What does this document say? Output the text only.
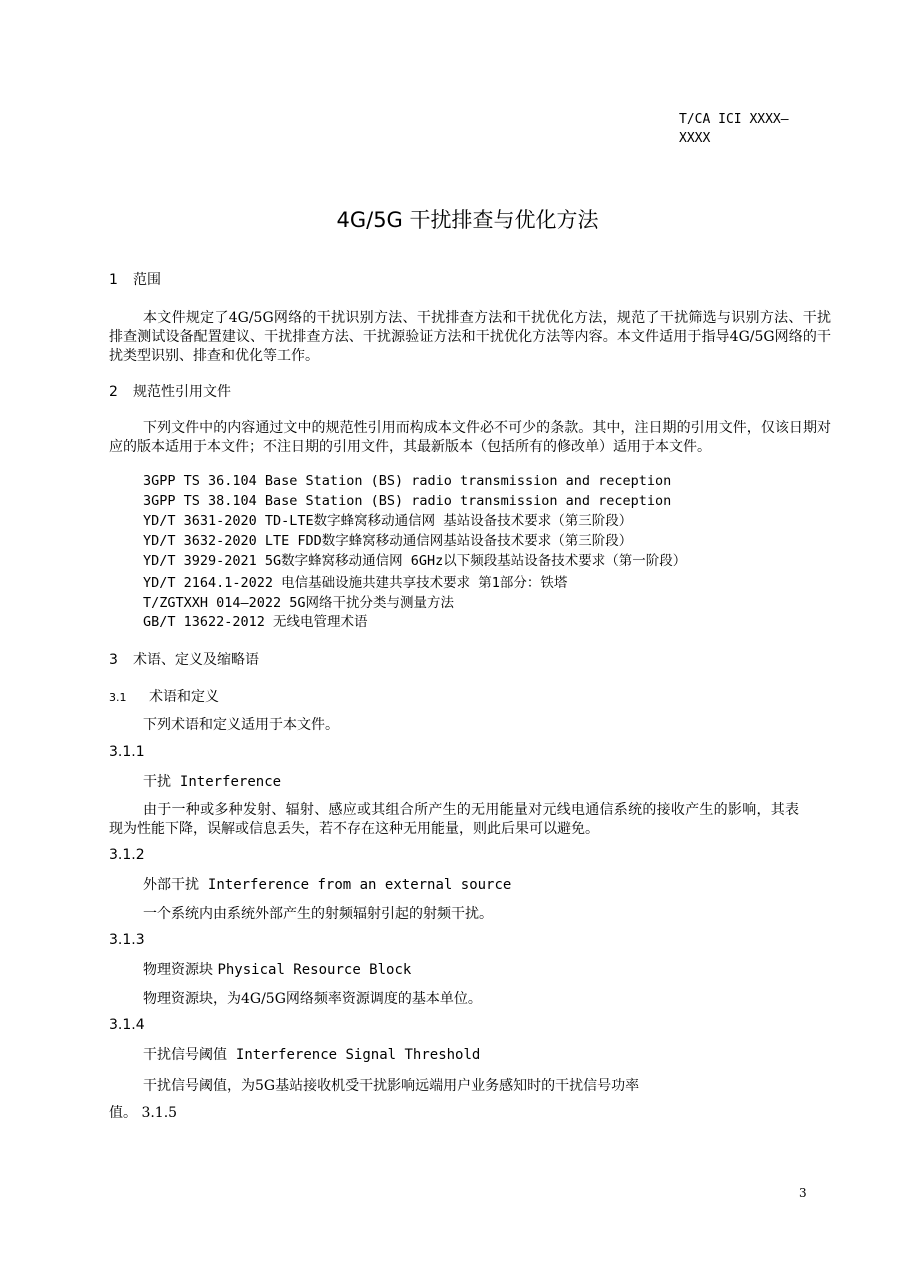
T/CA ICI XXXX—
XXXX
4G/5G 干扰排查与优化方法
1 范围
本文件规定了4G/5G网络的干扰识别方法、干扰排查方法和干扰优化方法，规范了干扰筛选与识别方法、干扰排查测试设备配置建议、干扰排查方法、干扰源验证方法和干扰优化方法等内容。本文件适用于指导4G/5G网络的干扰类型识别、排查和优化等工作。
2 规范性引用文件
下列文件中的内容通过文中的规范性引用而构成本文件必不可少的条款。其中，注日期的引用文件，仅该日期对应的版本适用于本文件；不注日期的引用文件，其最新版本（包括所有的修改单）适用于本文件。
3GPP TS 36.104 Base Station (BS) radio transmission and reception
3GPP TS 38.104 Base Station (BS) radio transmission and reception
YD/T 3631-2020 TD-LTE数字蜂窝移动通信网 基站设备技术要求（第三阶段）
YD/T 3632-2020 LTE FDD数字蜂窝移动通信网基站设备技术要求（第三阶段）
YD/T 3929-2021 5G数字蜂窝移动通信网 6GHz以下频段基站设备技术要求（第一阶段）
YD/T 2164.1-2022 电信基础设施共建共享技术要求 第1部分：铁塔
T/ZGTXXH 014—2022 5G网络干扰分类与测量方法
GB/T 13622-2012 无线电管理术语
3 术语、定义及缩略语
3.1 术语和定义
下列术语和定义适用于本文件。
3.1.1
干扰 Interference
由于一种或多种发射、辐射、感应或其组合所产生的无用能量对元线电通信系统的接收产生的影响，其表现为性能下降，误解或信息丢失，若不存在这种无用能量，则此后果可以避免。
3.1.2
外部干扰 Interference from an external source
一个系统内由系统外部产生的射频辐射引起的射频干扰。
3.1.3
物理资源块 Physical Resource Block
物理资源块，为4G/5G网络频率资源调度的基本单位。
3.1.4
干扰信号阈值 Interference Signal Threshold
干扰信号阈值，为5G基站接收机受干扰影响远端用户业务感知时的干扰信号功率
值。 3.1.5
3
